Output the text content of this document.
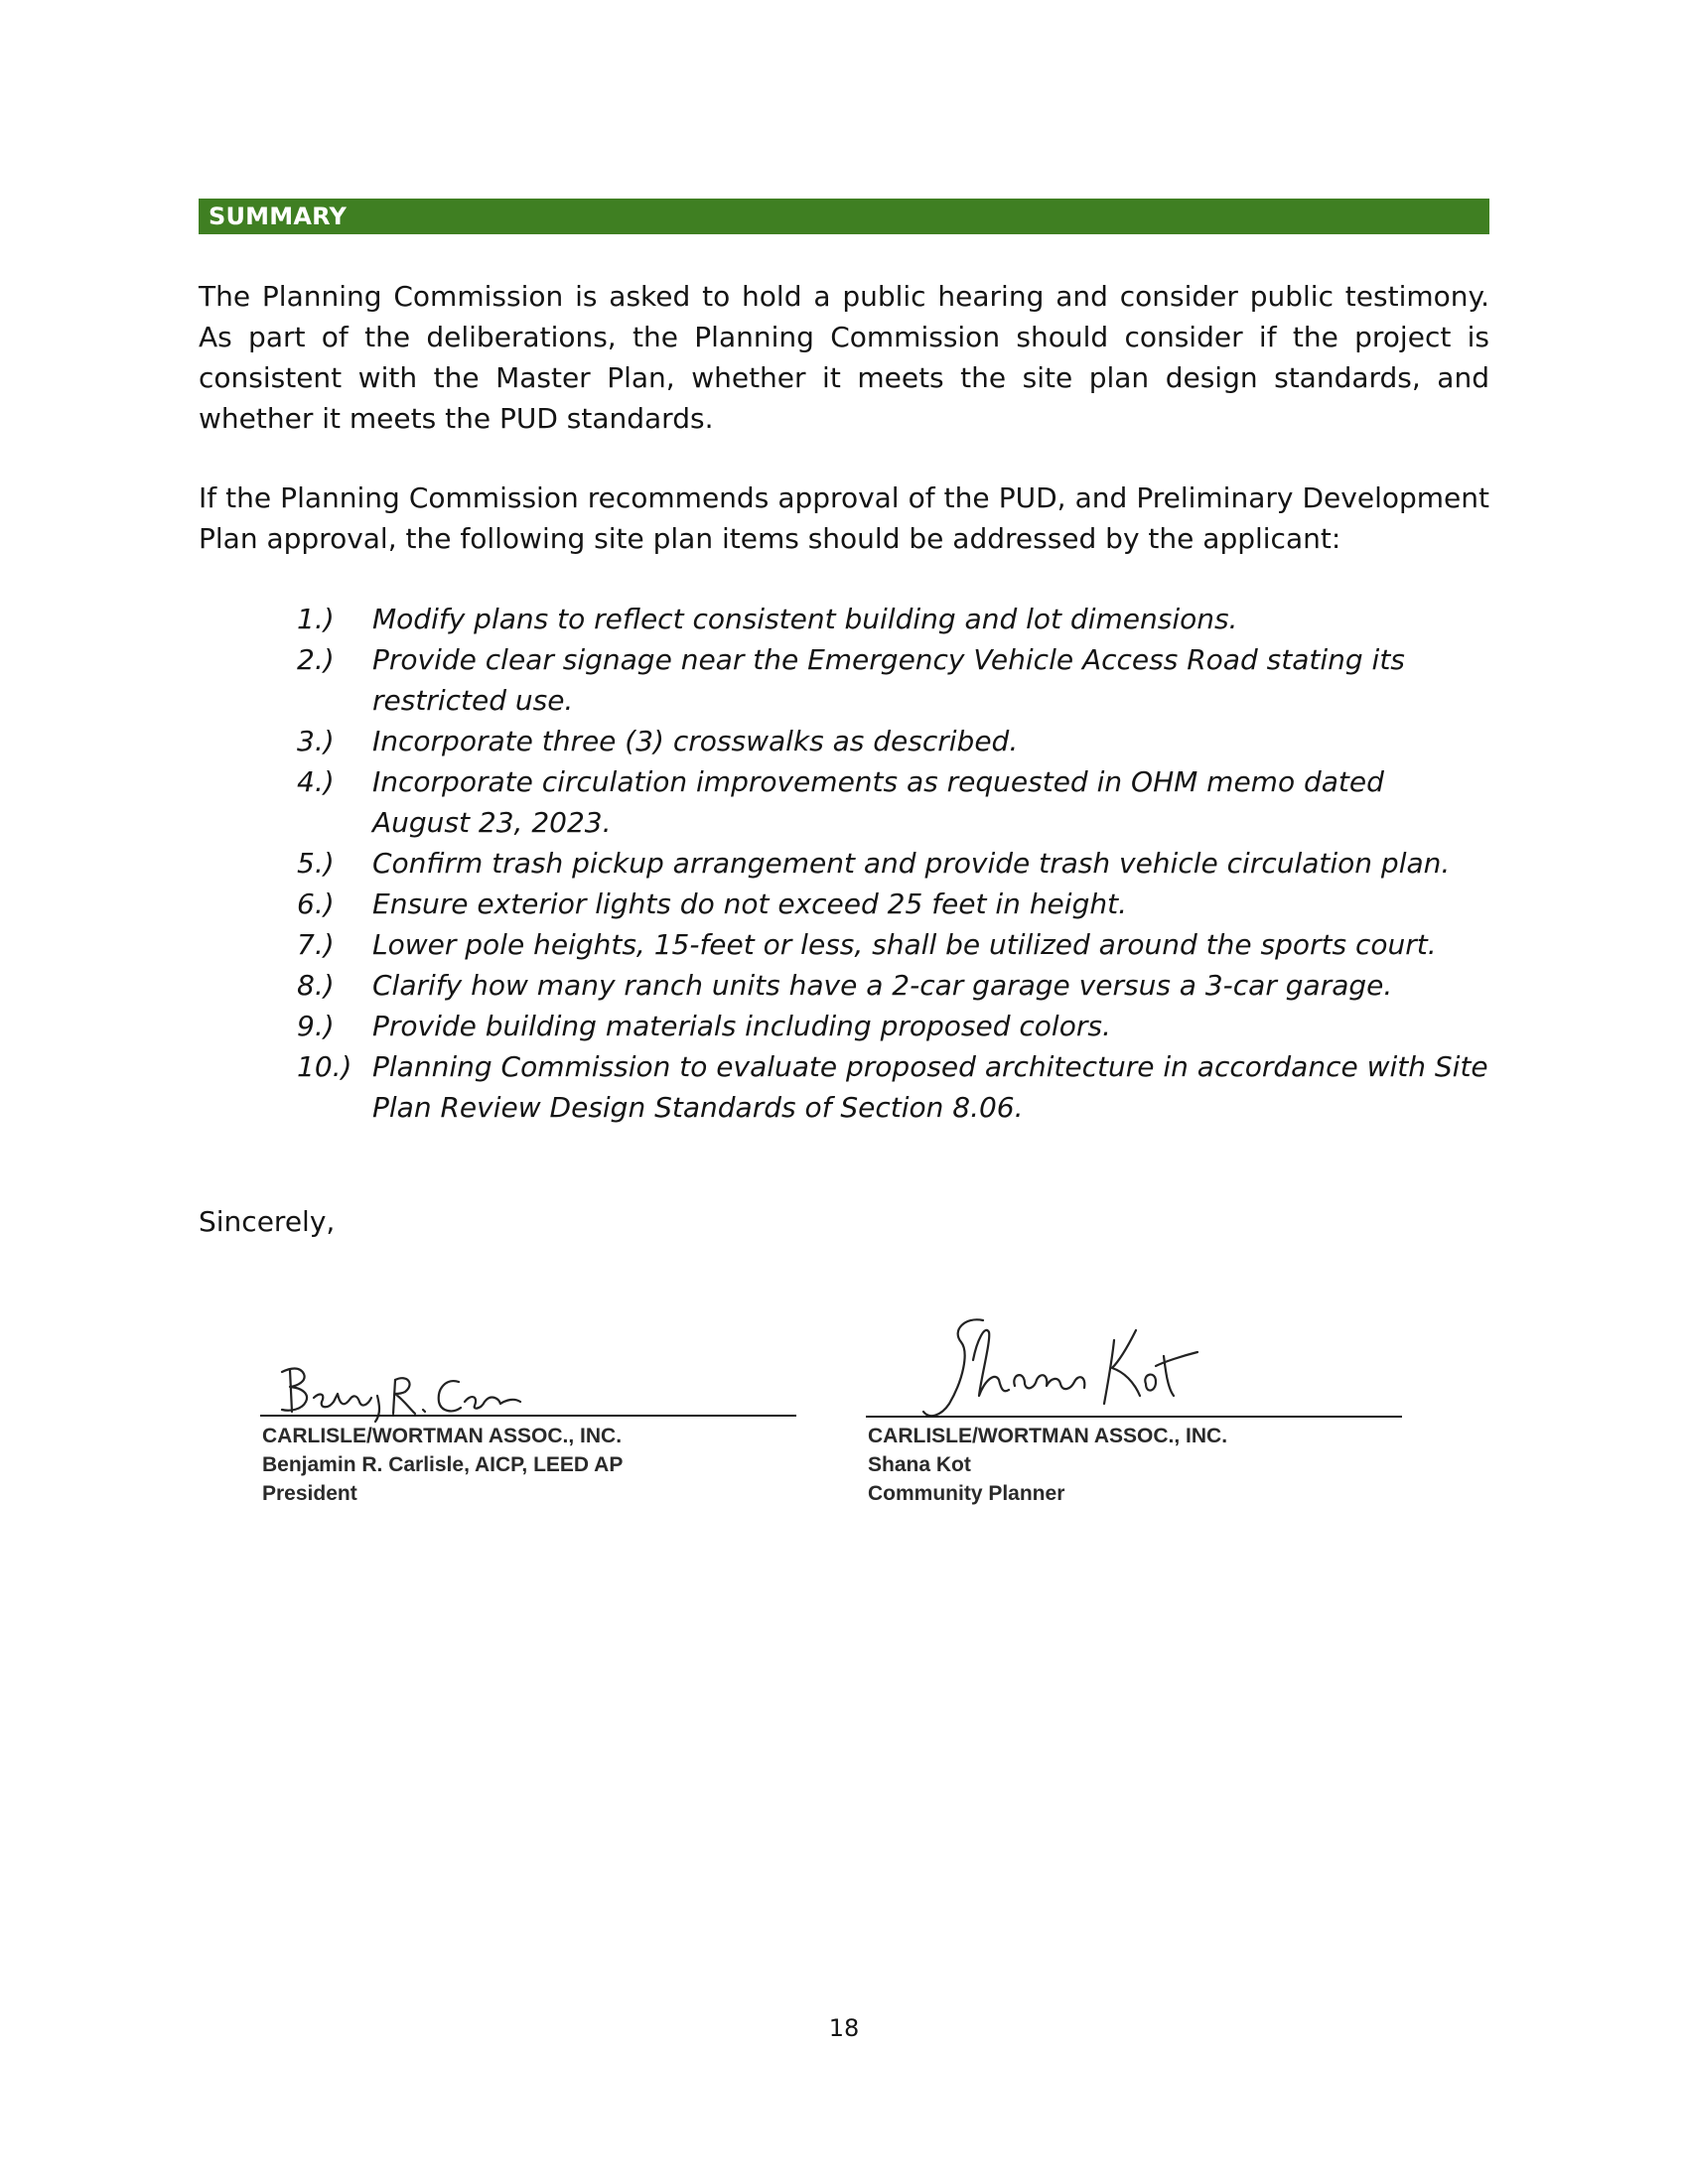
SUMMARY

The Planning Commission is asked to hold a public hearing and consider public testimony. As part of the deliberations, the Planning Commission should consider if the project is consistent with the Master Plan, whether it meets the site plan design standards, and whether it meets the PUD standards.

If the Planning Commission recommends approval of the PUD, and Preliminary Development Plan approval, the following site plan items should be addressed by the applicant:

1.)	Modify plans to reflect consistent building and lot dimensions.
2.)	Provide clear signage near the Emergency Vehicle Access Road stating its restricted use.
3.)	Incorporate three (3) crosswalks as described.
4.)	Incorporate circulation improvements as requested in OHM memo dated August 23, 2023.
5.)	Confirm trash pickup arrangement and provide trash vehicle circulation plan.
6.)	Ensure exterior lights do not exceed 25 feet in height.
7.)	Lower pole heights, 15-feet or less, shall be utilized around the sports court.
8.)	Clarify how many ranch units have a 2-car garage versus a 3-car garage.
9.)	Provide building materials including proposed colors.
10.) Planning Commission to evaluate proposed architecture in accordance with Site Plan Review Design Standards of Section 8.06.

Sincerely,

CARLISLE/WORTMAN ASSOC., INC.
Benjamin R. Carlisle, AICP, LEED AP
President
CARLISLE/WORTMAN ASSOC., INC.
Shana Kot
Community Planner
18
